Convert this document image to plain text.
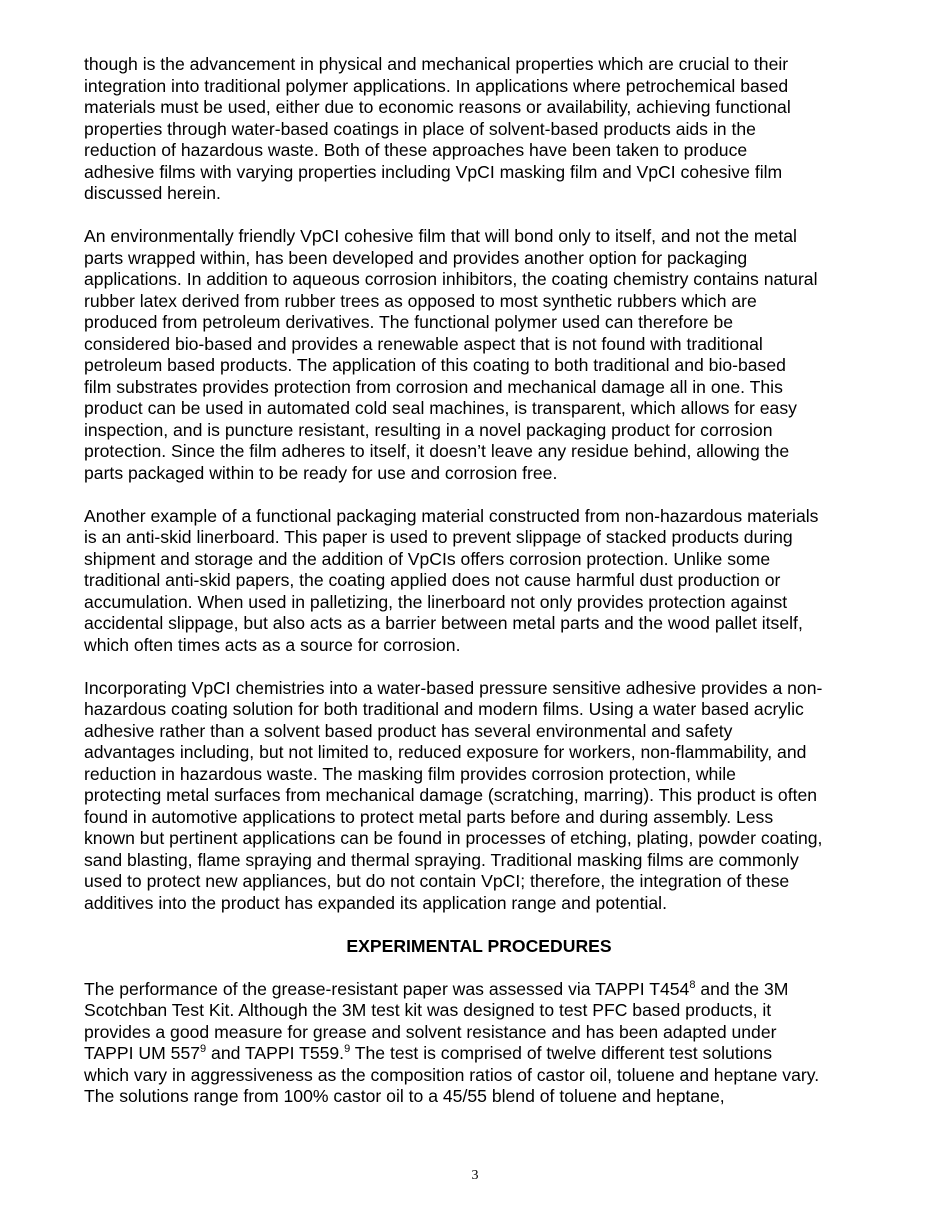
though is the advancement in physical and mechanical properties which are crucial to their
integration into traditional polymer applications. In applications where petrochemical based
materials must be used, either due to economic reasons or availability, achieving functional
properties through water-based coatings in place of solvent-based products aids in the
reduction of hazardous waste. Both of these approaches have been taken to produce
adhesive films with varying properties including VpCI masking film and VpCI cohesive film
discussed herein.

An environmentally friendly VpCI cohesive film that will bond only to itself, and not the metal
parts wrapped within, has been developed and provides another option for packaging
applications. In addition to aqueous corrosion inhibitors, the coating chemistry contains natural
rubber latex derived from rubber trees as opposed to most synthetic rubbers which are
produced from petroleum derivatives. The functional polymer used can therefore be
considered bio-based and provides a renewable aspect that is not found with traditional
petroleum based products. The application of this coating to both traditional and bio-based
film substrates provides protection from corrosion and mechanical damage all in one. This
product can be used in automated cold seal machines, is transparent, which allows for easy
inspection, and is puncture resistant, resulting in a novel packaging product for corrosion
protection. Since the film adheres to itself, it doesn’t leave any residue behind, allowing the
parts packaged within to be ready for use and corrosion free.

Another example of a functional packaging material constructed from non-hazardous materials
is an anti-skid linerboard. This paper is used to prevent slippage of stacked products during
shipment and storage and the addition of VpCIs offers corrosion protection. Unlike some
traditional anti-skid papers, the coating applied does not cause harmful dust production or
accumulation. When used in palletizing, the linerboard not only provides protection against
accidental slippage, but also acts as a barrier between metal parts and the wood pallet itself,
which often times acts as a source for corrosion.

Incorporating VpCI chemistries into a water-based pressure sensitive adhesive provides a non-
hazardous coating solution for both traditional and modern films. Using a water based acrylic
adhesive rather than a solvent based product has several environmental and safety
advantages including, but not limited to, reduced exposure for workers, non-flammability, and
reduction in hazardous waste. The masking film provides corrosion protection, while
protecting metal surfaces from mechanical damage (scratching, marring). This product is often
found in automotive applications to protect metal parts before and during assembly. Less
known but pertinent applications can be found in processes of etching, plating, powder coating,
sand blasting, flame spraying and thermal spraying. Traditional masking films are commonly
used to protect new appliances, but do not contain VpCI; therefore, the integration of these
additives into the product has expanded its application range and potential.

EXPERIMENTAL PROCEDURES

The performance of the grease-resistant paper was assessed via TAPPI $T454^8$ and the 3M
Scotchban Test Kit. Although the 3M test kit was designed to test PFC based products, it
provides a good measure for grease and solvent resistance and has been adapted under
TAPPI UM $557^9$ and TAPPI T559.$^9$ The test is comprised of twelve different test solutions
which vary in aggressiveness as the composition ratios of castor oil, toluene and heptane vary.
The solutions range from 100% castor oil to a 45/55 blend of toluene and heptane,

3
